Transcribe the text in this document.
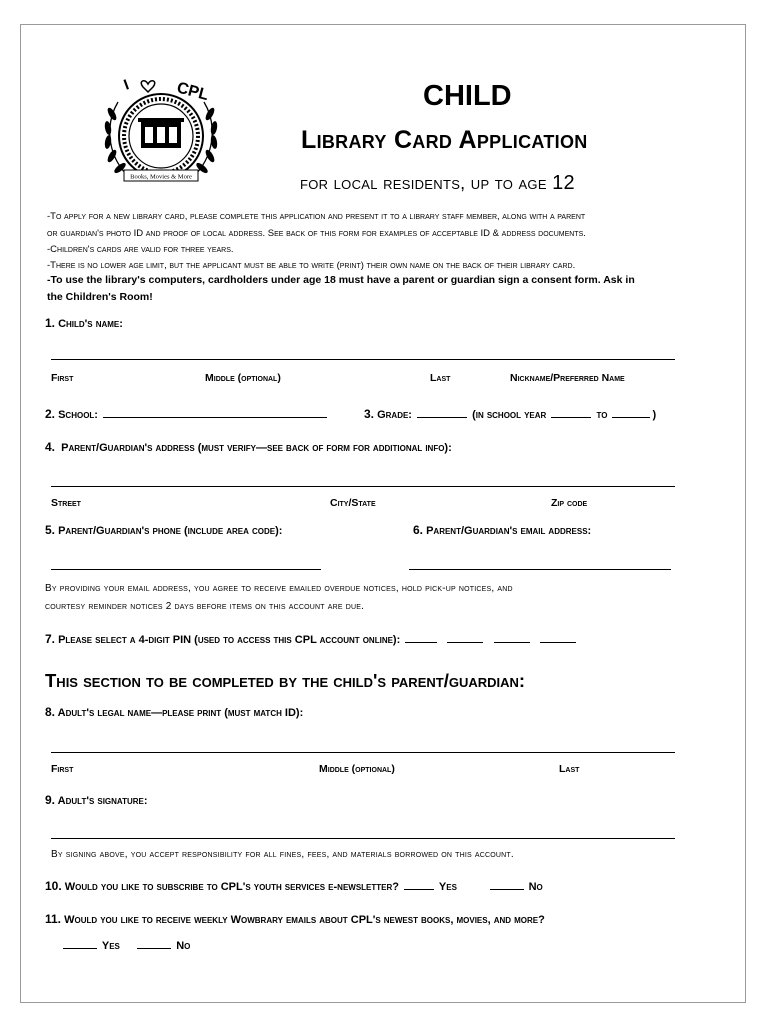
Books, Movies & More
I	CPL	CHILD
Library Card Application
for local residents, up to age 12
-To apply for a new library card, please complete this application and present it to a library staff member, along with a parent
or guardian's photo ID and proof of local address. See back of this form for examples of acceptable ID & address documents.
-Children's cards are valid for three years.
-There is no lower age limit, but the applicant must be able to write (print) their own name on the back of their library card.
-To use the library's computers, cardholders under age 18 must have a parent or guardian sign a consent form. Ask in
the Children's Room!
1. Child's name:
First	Middle (optional)	Last	Nickname/Preferred Name
2. School:	3. Grade:	(in school year	to	)
4. Parent/Guardian's address (must verify—see back of form for additional info):
Street	City/State	Zip code
5. Parent/Guardian's phone (include area code):	6. Parent/Guardian's email address:
By providing your email address, you agree to receive emailed overdue notices, hold pick-up notices, and
courtesy reminder notices 2 days before items on this account are due.
7. Please select a 4-digit PIN (used to access this CPL account online):
This section to be completed by the child's parent/guardian:
8. Adult's legal name—please print (must match ID):
First	Middle (optional)	Last
9. Adult's signature:
By signing above, you accept responsibility for all fines, fees, and materials borrowed on this account.
10. Would you like to subscribe to CPL's youth services e-newsletter?	Yes	No
11. Would you like to receive weekly Wowbrary emails about CPL's newest books, movies, and more?
Yes	No
